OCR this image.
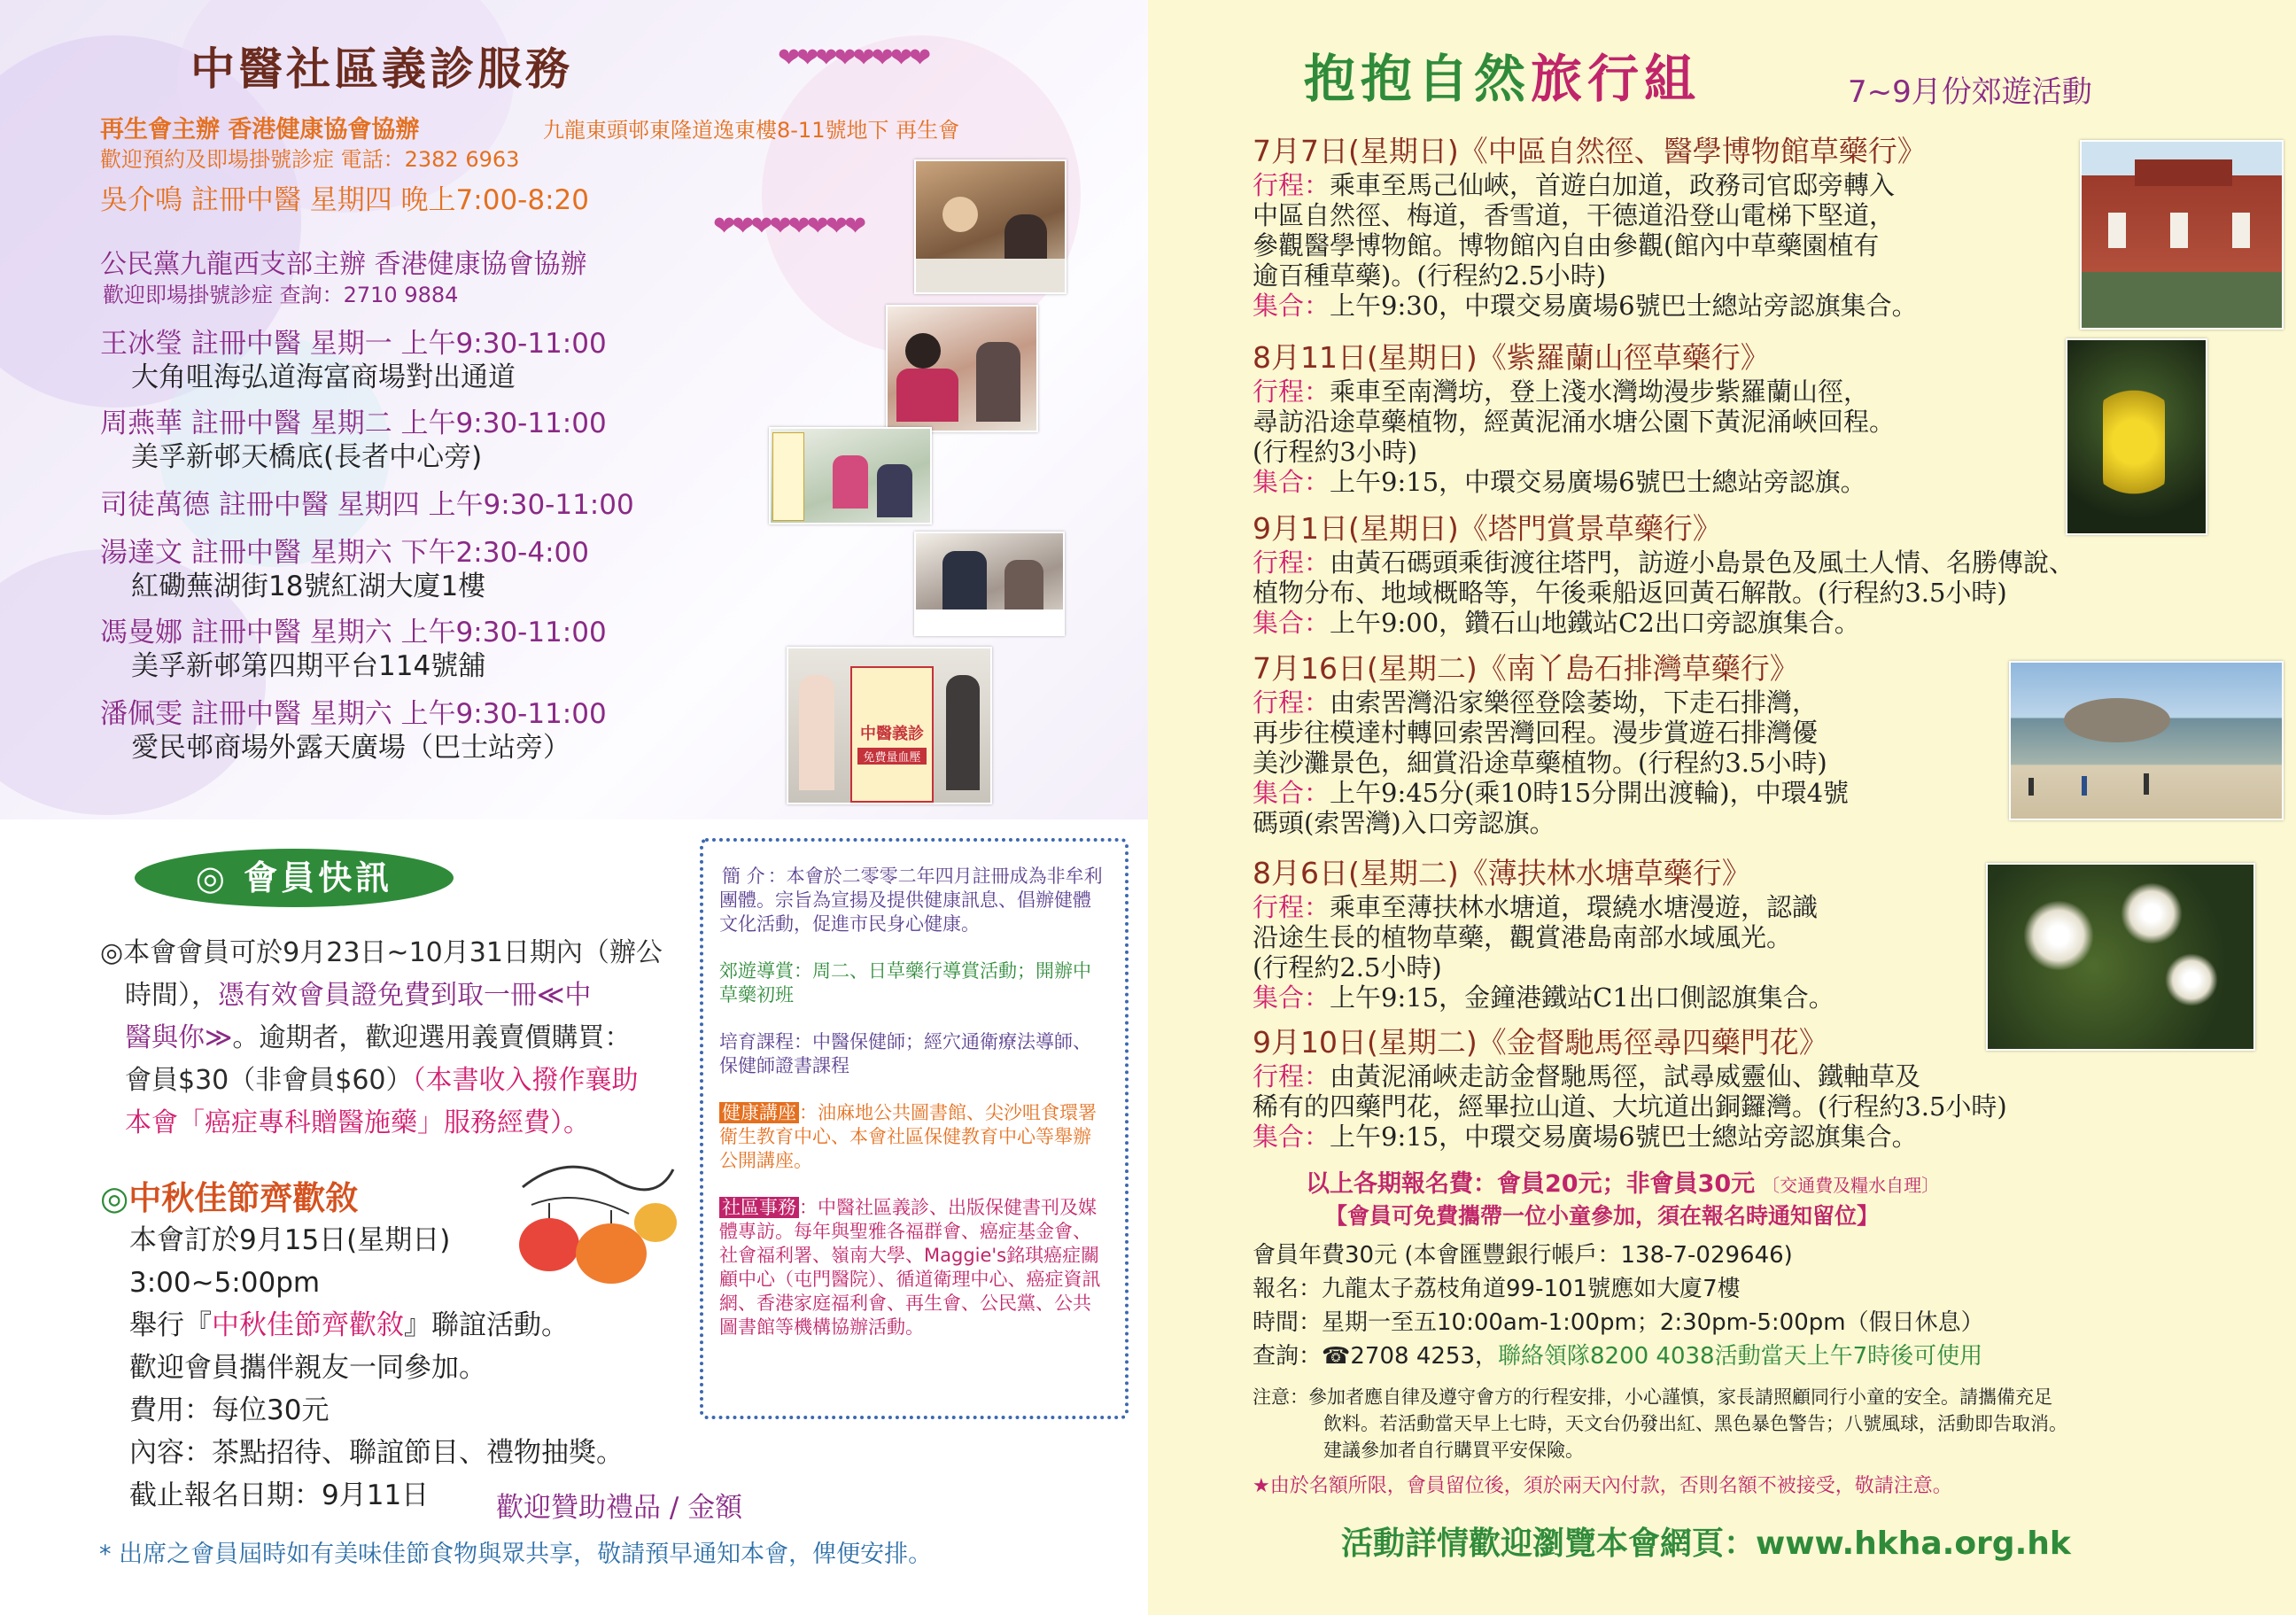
中醫社區義診服務	❤❤❤❤❤❤❤❤
❤❤❤❤❤❤❤❤
再生會主辦 香港健康協會協辦	九龍東頭邨東隆道逸東樓8-11號地下 再生會
歡迎預約及即場掛號診症 電話：2382 6963
吳介鳴 註冊中醫 星期四 晚上7:00-8:20
公民黨九龍西支部主辦 香港健康協會協辦
歡迎即場掛號診症 查詢：2710 9884
王冰瑩 註冊中醫 星期一 上午9:30-11:00
大角咀海弘道海富商場對出通道
周燕華 註冊中醫 星期二 上午9:30-11:00
美孚新邨天橋底(長者中心旁)
司徒萬德 註冊中醫 星期四 上午9:30-11:00
湯達文 註冊中醫 星期六 下午2:30-4:00
紅磡蕪湖街18號紅湖大廈1樓
馮曼娜 註冊中醫 星期六 上午9:30-11:00
美孚新邨第四期平台114號舖
潘佩雯 註冊中醫 星期六 上午9:30-11:00
愛民邨商場外露天廣場（巴士站旁）	中醫義診
免費量血壓
◎ 會員快訊
◎本會會員可於9月23日~10月31日期內（辦公
時間），憑有效會員證免費到取一冊≪中
醫與你≫。逾期者，歡迎選用義賣價購買：
會員$30（非會員$60）（本書收入撥作襄助
本會「癌症專科贈醫施藥」服務經費）。
◎中秋佳節齊歡敘
本會訂於9月15日(星期日)
3:00~5:00pm
舉行『中秋佳節齊歡敘』聯誼活動。
歡迎會員攜伴親友一同參加。
費用：每位30元
內容：茶點招待、聯誼節目、禮物抽獎。
截止報名日期：9月11日	歡迎贊助禮品 / 金額
* 出席之會員屆時如有美味佳節食物與眾共享，敬請預早通知本會，俾便安排。

簡 介 ：本會於二零零二年四月註冊成為非牟利團體。宗旨為宣揚及提供健康訊息、倡辦健體文化活動，促進市民身心健康。

郊遊導賞：周二、日草藥行導賞活動；開辦中草藥初班

培育課程：中醫保健師；經穴通衛療法導師、保健師證書課程

健康講座 ：油麻地公共圖書館、尖沙咀食環署衛生教育中心、本會社區保健教育中心等舉辦公開講座。

社區事務 ：中醫社區義診、出版保健書刊及媒體專訪。每年與聖雅各福群會、癌症基金會、社會福利署、嶺南大學、Maggie's銘琪癌症關顧中心（屯門醫院）、循道衛理中心、癌症資訊網、香港家庭福利會、再生會、公民黨、公共圖書館等機構協辦活動。

抱抱自然旅行組	7~9月份郊遊活動
7月7日(星期日)《中區自然徑、醫學博物館草藥行》
行程：乘車至馬己仙峽，首遊白加道，政務司官邸旁轉入
中區自然徑、梅道，香雪道，干德道沿登山電梯下堅道，
參觀醫學博物館。博物館內自由參觀(館內中草藥園植有
逾百種草藥)。(行程約2.5小時)
集合：上午9:30，中環交易廣場6號巴士總站旁認旗集合。
8月11日(星期日)《紫羅蘭山徑草藥行》
行程：乘車至南灣坊，登上淺水灣坳漫步紫羅蘭山徑，
尋訪沿途草藥植物，經黃泥涌水塘公園下黃泥涌峽回程。
(行程約3小時)
集合：上午9:15，中環交易廣場6號巴士總站旁認旗。
9月1日(星期日)《塔門賞景草藥行》
行程：由黃石碼頭乘街渡往塔門，訪遊小島景色及風土人情、名勝傳說、
植物分布、地域概略等，午後乘船返回黃石解散。(行程約3.5小時)
集合：上午9:00，鑽石山地鐵站C2出口旁認旗集合。
7月16日(星期二)《南丫島石排灣草藥行》
行程：由索罟灣沿家樂徑登陰萎坳，下走石排灣，
再步往模達村轉回索罟灣回程。漫步賞遊石排灣優
美沙灘景色，細賞沿途草藥植物。(行程約3.5小時)
集合：上午9:45分(乘10時15分開出渡輪)，中環4號
碼頭(索罟灣)入口旁認旗。
8月6日(星期二)《薄扶林水塘草藥行》
行程：乘車至薄扶林水塘道，環繞水塘漫遊，認識
沿途生長的植物草藥，觀賞港島南部水域風光。
(行程約2.5小時)
集合：上午9:15，金鐘港鐵站C1出口側認旗集合。
9月10日(星期二)《金督馳馬徑尋四藥門花》
行程：由黃泥涌峽走訪金督馳馬徑，試尋威靈仙、鐵軸草及
稀有的四藥門花，經畢拉山道、大坑道出銅鑼灣。(行程約3.5小時)
集合：上午9:15，中環交易廣場6號巴士總站旁認旗集合。
以上各期報名費：會員20元；非會員30元 〔交通費及糧水自理〕
【會員可免費攜帶一位小童參加，須在報名時通知留位】
會員年費30元 (本會匯豐銀行帳戶：138-7-029646)
報名：九龍太子荔枝角道99-101號應如大廈7樓
時間：星期一至五10:00am-1:00pm；2:30pm-5:00pm（假日休息）
查詢：☎2708 4253，聯絡領隊8200 4038活動當天上午7時後可使用
注意：參加者應自律及遵守會方的行程安排，小心謹慎，家長請照顧同行小童的安全。請攜備充足
飲料。若活動當天早上七時，天文台仍發出紅、黑色暴色警告；八號風球，活動即告取消。
建議參加者自行購買平安保險。
★由於名額所限，會員留位後，須於兩天內付款，否則名額不被接受，敬請注意。
活動詳情歡迎瀏覽本會網頁：www.hkha.org.hk
